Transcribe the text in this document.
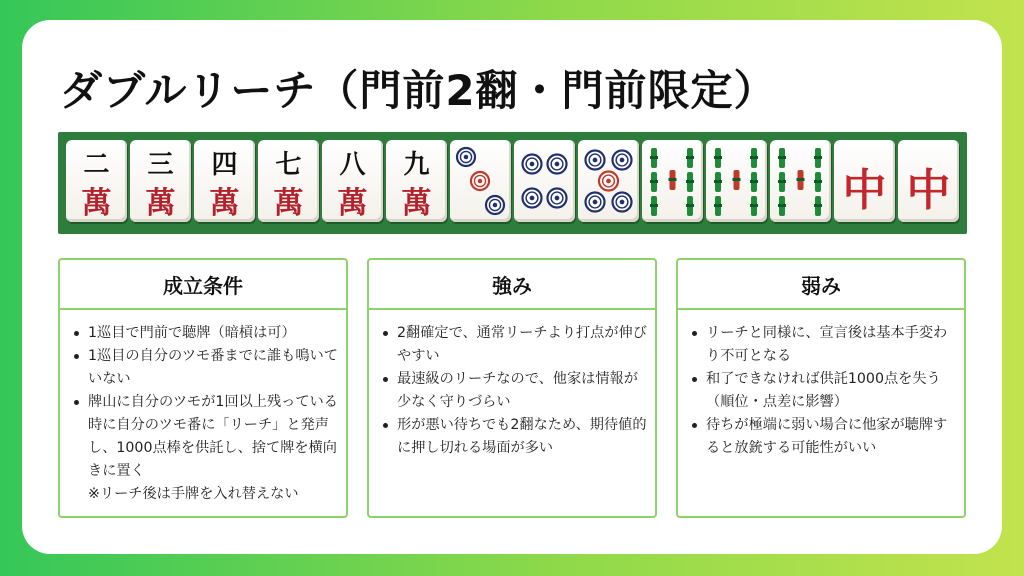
ダブルリーチ（門前2翻・門前限定）
二
萬
三
萬
四
萬
七
萬
八
萬
九
萬	中 中
成立条件
1巡目で門前で聴牌（暗槓は可）
1巡目の自分のツモ番までに誰も鳴いていない
牌山に自分のツモが1回以上残っている時に自分のツモ番に「リーチ」と発声し、1000点棒を供託し、捨て牌を横向きに置く
※リーチ後は手牌を入れ替えない
強み
2翻確定で、通常リーチより打点が伸びやすい
最速級のリーチなので、他家は情報が少なく守りづらい
形が悪い待ちでも2翻なため、期待値的に押し切れる場面が多い
弱み
リーチと同様に、宣言後は基本手変わり不可となる
和了できなければ供託1000点を失う（順位・点差に影響）
待ちが極端に弱い場合に他家が聴牌すると放銃する可能性がいい
